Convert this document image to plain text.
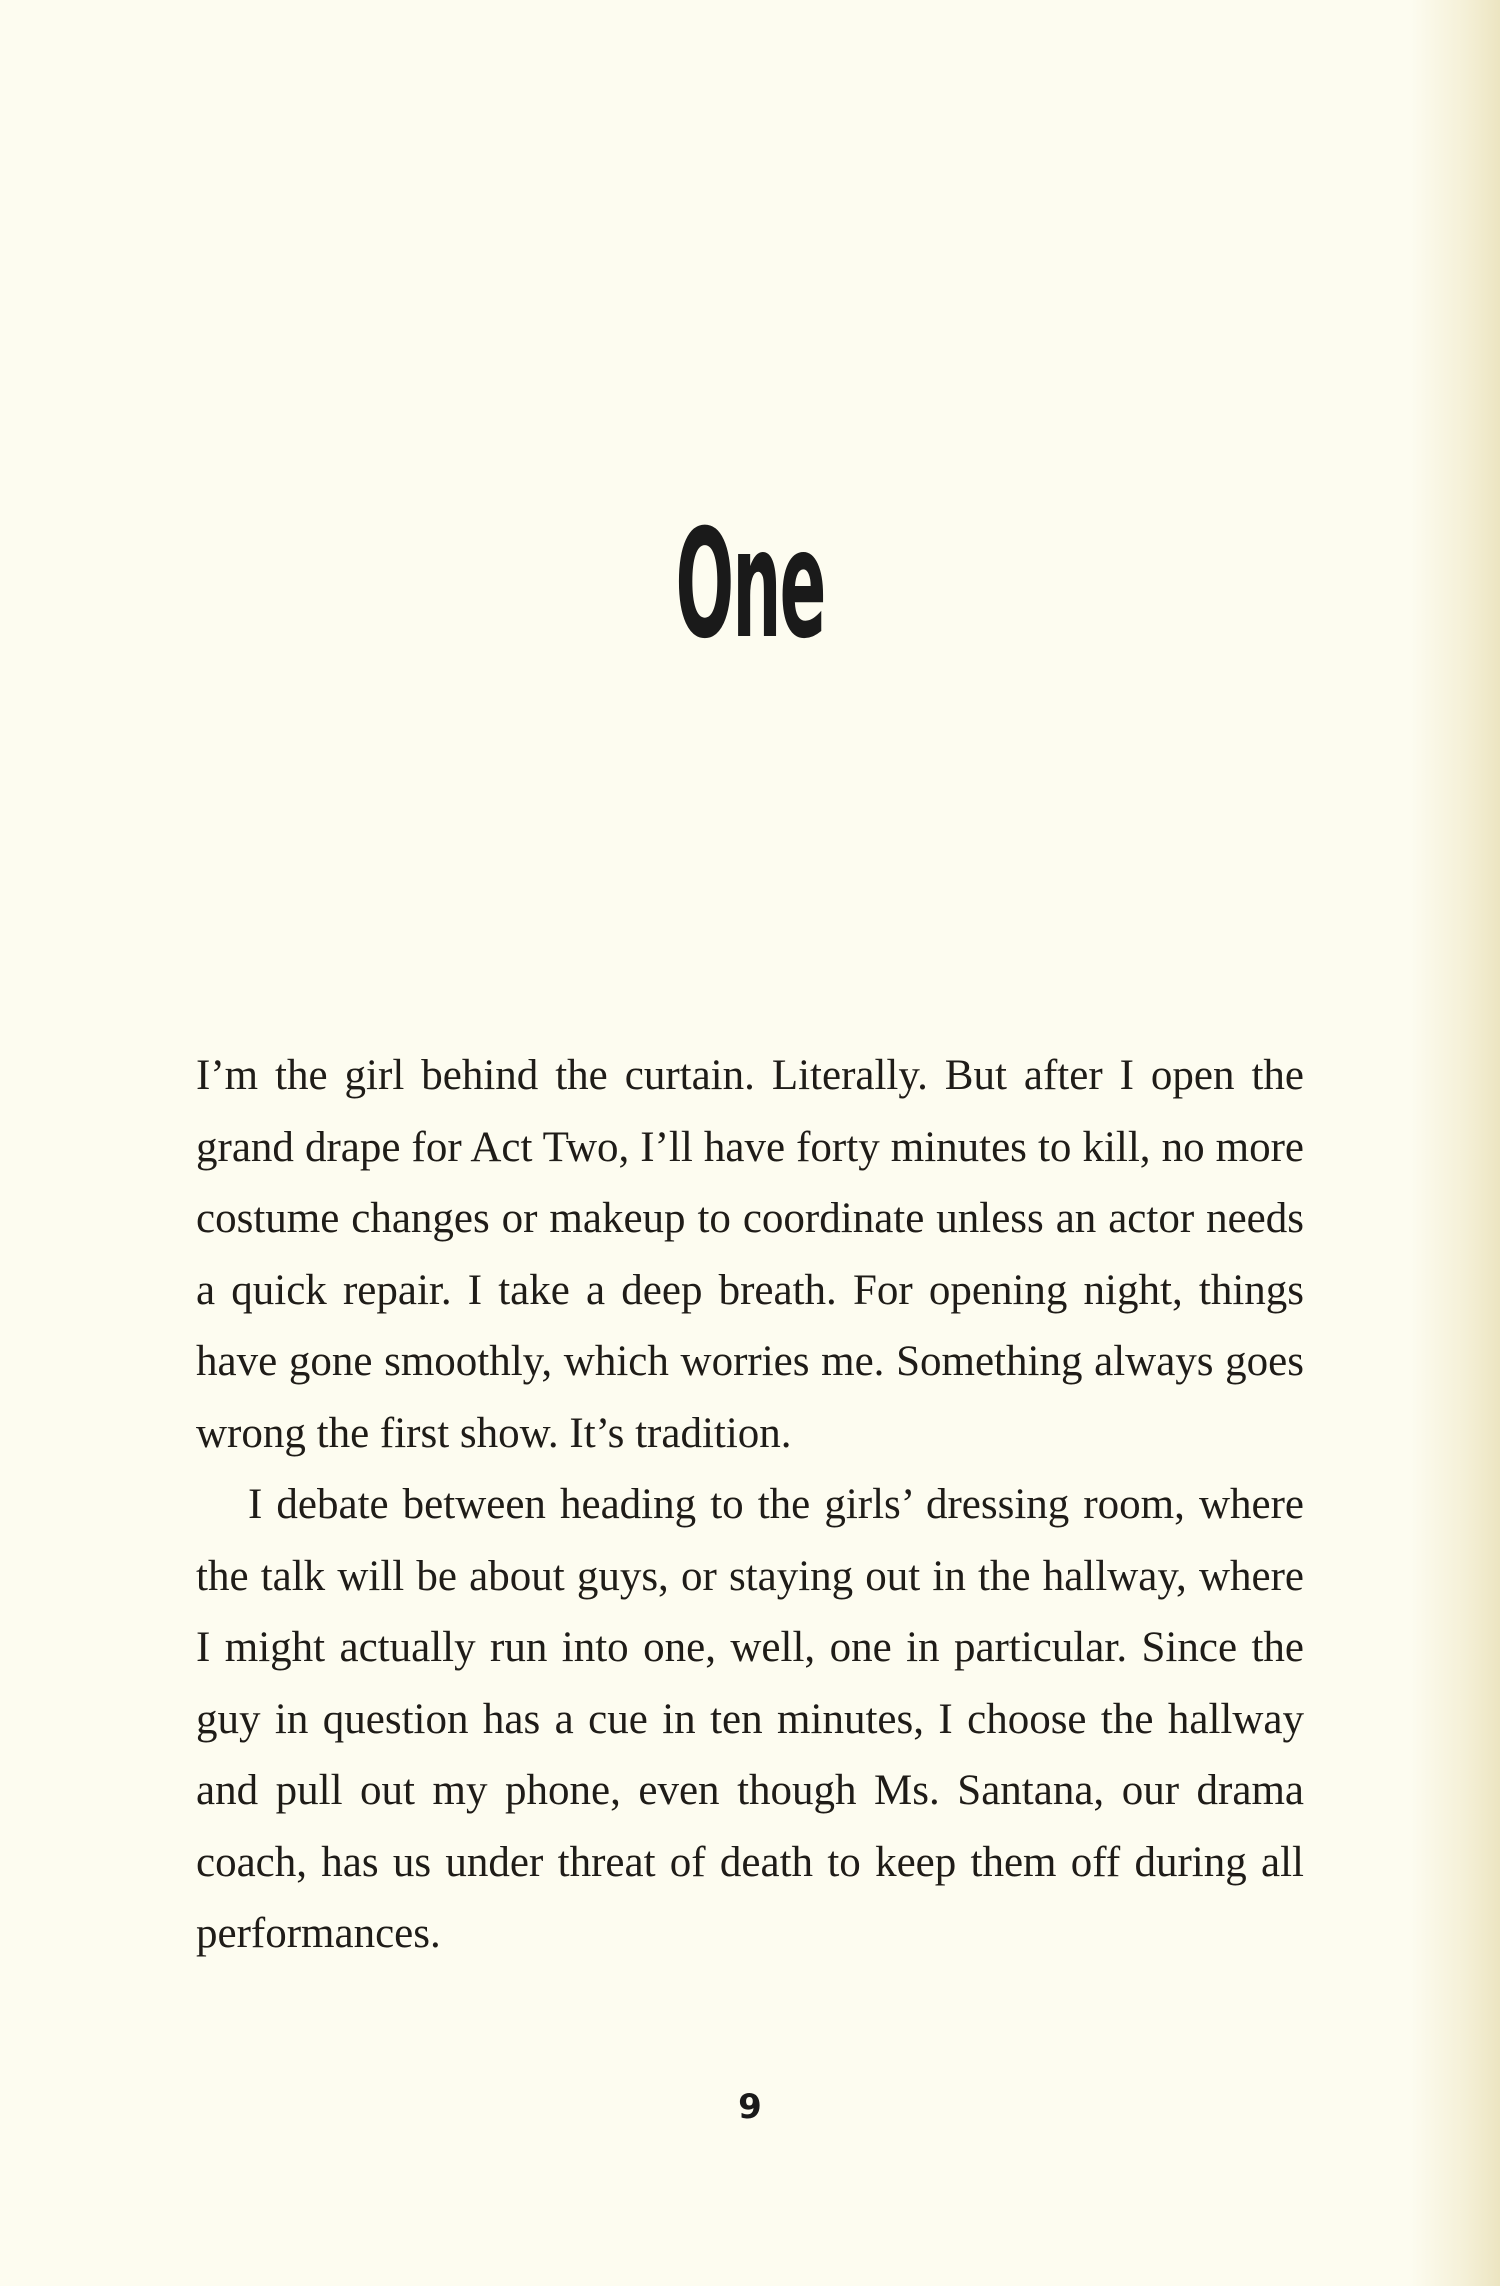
One

I’m the girl behind the curtain. Literally. But after I open the grand drape for Act Two, I’ll have forty minutes to kill, no more costume changes or makeup to coordinate unless an actor needs a quick repair. I take a deep breath. For opening night, things have gone smoothly, which worries me. Something always goes wrong the first show. It’s tradition.

I debate between heading to the girls’ dressing room, where the talk will be about guys, or staying out in the hallway, where I might actually run into one, well, one in particular. Since the guy in question has a cue in ten minutes, I choose the hallway and pull out my phone, even though Ms. Santana, our drama coach, has us under threat of death to keep them off during all performances.

9
